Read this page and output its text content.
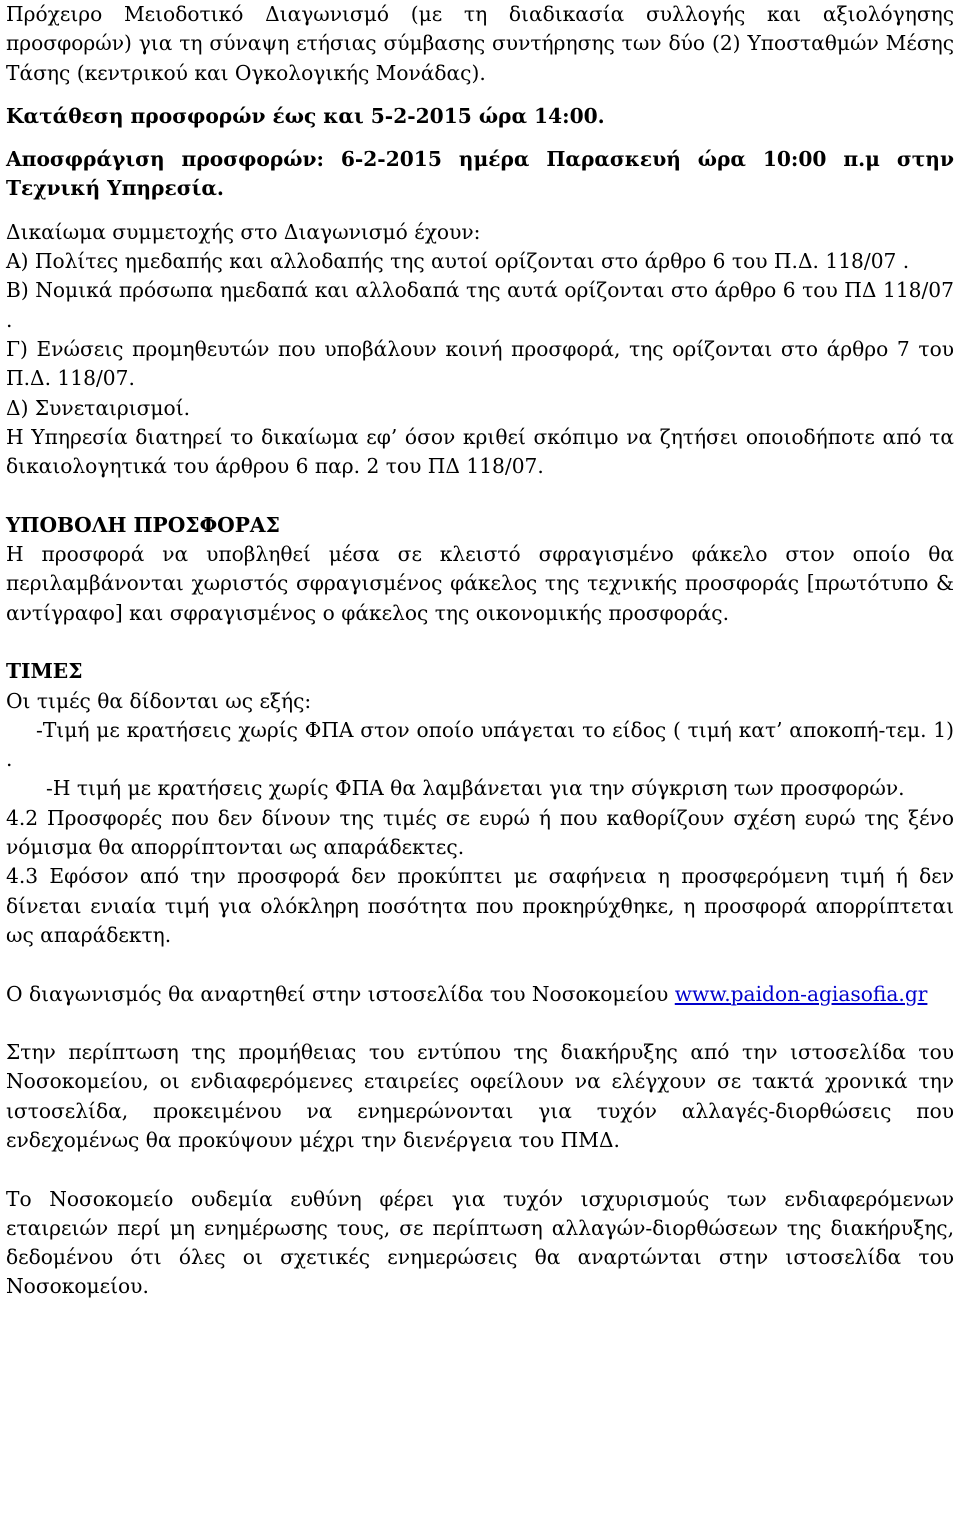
Πρόχειρο Μειοδοτικό Διαγωνισμό (με τη διαδικασία συλλογής και αξιολόγησης προσφορών) για τη σύναψη ετήσιας σύμβασης συντήρησης των δύο (2) Υποσταθμών Μέσης Τάσης (κεντρικού και Ογκολογικής Μονάδας).

Κατάθεση προσφορών έως και 5-2-2015 ώρα 14:00.

Αποσφράγιση προσφορών: 6-2-2015 ημέρα Παρασκευή ώρα 10:00 π.μ στην Τεχνική Υπηρεσία.

Δικαίωμα συμμετοχής στο Διαγωνισμό έχουν:

Α) Πολίτες ημεδαπής και αλλοδαπής της αυτοί ορίζονται στο άρθρο 6 του Π.Δ. 118/07 .

Β) Νομικά πρόσωπα ημεδαπά και αλλοδαπά της αυτά ορίζονται στο άρθρο 6 του ΠΔ 118/07 .

Γ) Ενώσεις προμηθευτών που υποβάλουν κοινή προσφορά, της ορίζονται στο άρθρο 7 του Π.Δ. 118/07.

Δ) Συνεταιρισμοί.

Η Υπηρεσία διατηρεί το δικαίωμα εφ’ όσον κριθεί σκόπιμο να ζητήσει οποιοδήποτε από τα δικαιολογητικά του άρθρου 6 παρ. 2 του ΠΔ 118/07.

ΥΠΟΒΟΛΗ ΠΡΟΣΦΟΡΑΣ

Η προσφορά να υποβληθεί μέσα σε κλειστό σφραγισμένο φάκελο στον οποίο θα περιλαμβάνονται χωριστός σφραγισμένος φάκελος της τεχνικής προσφοράς [πρωτότυπο & αντίγραφο] και σφραγισμένος ο φάκελος της οικονομικής προσφοράς.

ΤΙΜΕΣ

Οι τιμές θα δίδονται ως εξής:

-Τιμή με κρατήσεις χωρίς ΦΠΑ στον οποίο υπάγεται το είδος ( τιμή κατ’ αποκοπή-τεμ. 1) .

-Η τιμή με κρατήσεις χωρίς ΦΠΑ θα λαμβάνεται για την σύγκριση των προσφορών.

4.2 Προσφορές που δεν δίνουν της τιμές σε ευρώ ή που καθορίζουν σχέση ευρώ της ξένο νόμισμα θα απορρίπτονται ως απαράδεκτες.

4.3 Εφόσον από την προσφορά δεν προκύπτει με σαφήνεια η προσφερόμενη τιμή ή δεν δίνεται ενιαία τιμή για ολόκληρη ποσότητα που προκηρύχθηκε, η προσφορά απορρίπτεται ως απαράδεκτη.

Ο διαγωνισμός θα αναρτηθεί στην ιστοσελίδα του Νοσοκομείου www.paidon-agiasofia.gr

Στην περίπτωση της προμήθειας του εντύπου της διακήρυξης από την ιστοσελίδα του Νοσοκομείου, οι ενδιαφερόμενες εταιρείες οφείλουν να ελέγχουν σε τακτά χρονικά την ιστοσελίδα, προκειμένου να ενημερώνονται για τυχόν αλλαγές-διορθώσεις που ενδεχομένως θα προκύψουν μέχρι την διενέργεια του ΠΜΔ.

Το Νοσοκομείο ουδεμία ευθύνη φέρει για τυχόν ισχυρισμούς των ενδιαφερόμενων εταιρειών περί μη ενημέρωσης τους, σε περίπτωση αλλαγών-διορθώσεων της διακήρυξης, δεδομένου ότι όλες οι σχετικές ενημερώσεις θα αναρτώνται στην ιστοσελίδα του Νοσοκομείου.
